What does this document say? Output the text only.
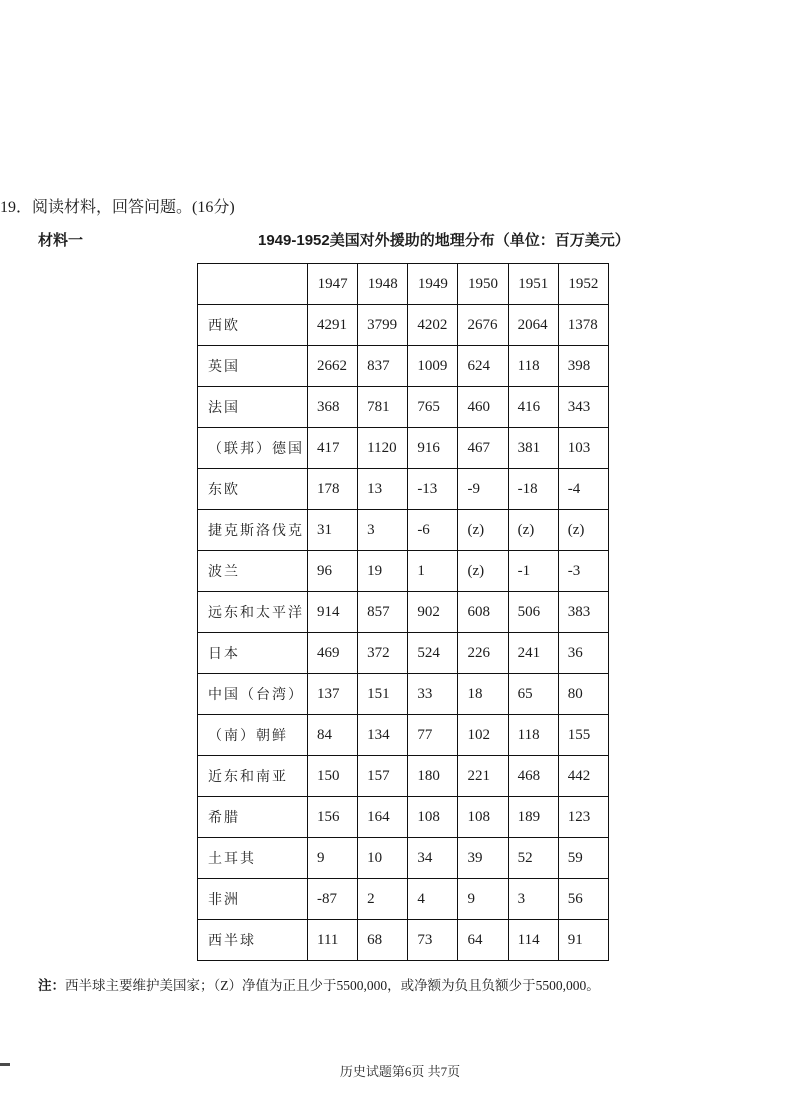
19．阅读材料，回答问题。(16分)
材料一	1949-1952美国对外援助的地理分布（单位：百万美元）
	1947	1948	1949	1950	1951	1952
西欧	4291	3799	4202	2676	2064	1378
英国	2662	837	1009	624	118	398
法国	368	781	765	460	416	343
（联邦）德国	417	1120	916	467	381	103
东欧	178	13	-13	-9	-18	-4
捷克斯洛伐克	31	3	-6	(z)	(z)	(z)
波兰	96	19	1	(z)	-1	-3
远东和太平洋	914	857	902	608	506	383
日本	469	372	524	226	241	36
中国（台湾）	137	151	33	18	65	80
（南）朝鲜	84	134	77	102	118	155
近东和南亚	150	157	180	221	468	442
希腊	156	164	108	108	189	123
土耳其	9	10	34	39	52	59
非洲	-87	2	4	9	3	56
西半球	111	68	73	64	114	91
注：西半球主要维护美国家；（Z）净值为正且少于5500,000，或净额为负且负额少于5500,000。
历史试题第6页 共7页
